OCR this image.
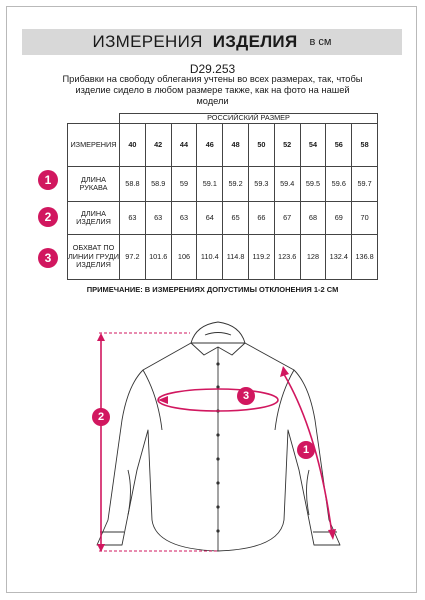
ИЗМЕРЕНИЯ ИЗДЕЛИЯ в см
D29.253
Прибавки на свободу облегания учтены во всех размерах, так, чтобы изделие сидело в любом размере также, как на фото на нашей модели
	РОССИЙСКИЙ РАЗМЕР									
ИЗМЕРЕНИЯ	40	42	44	46	48	50	52	54	56	58
ДЛИНА РУКАВА	58.8	58.9	59	59.1	59.2	59.3	59.4	59.5	59.6	59.7
ДЛИНА ИЗДЕЛИЯ	63	63	63	64	65	66	67	68	69	70
ОБХВАТ ПО ЛИНИИ ГРУДИ ИЗДЕЛИЯ	97.2	101.6	106	110.4	114.8	119.2	123.6	128	132.4	136.8
1
2
3
ПРИМЕЧАНИЕ: В ИЗМЕРЕНИЯХ ДОПУСТИМЫ ОТКЛОНЕНИЯ 1-2 СМ
2
3
1
